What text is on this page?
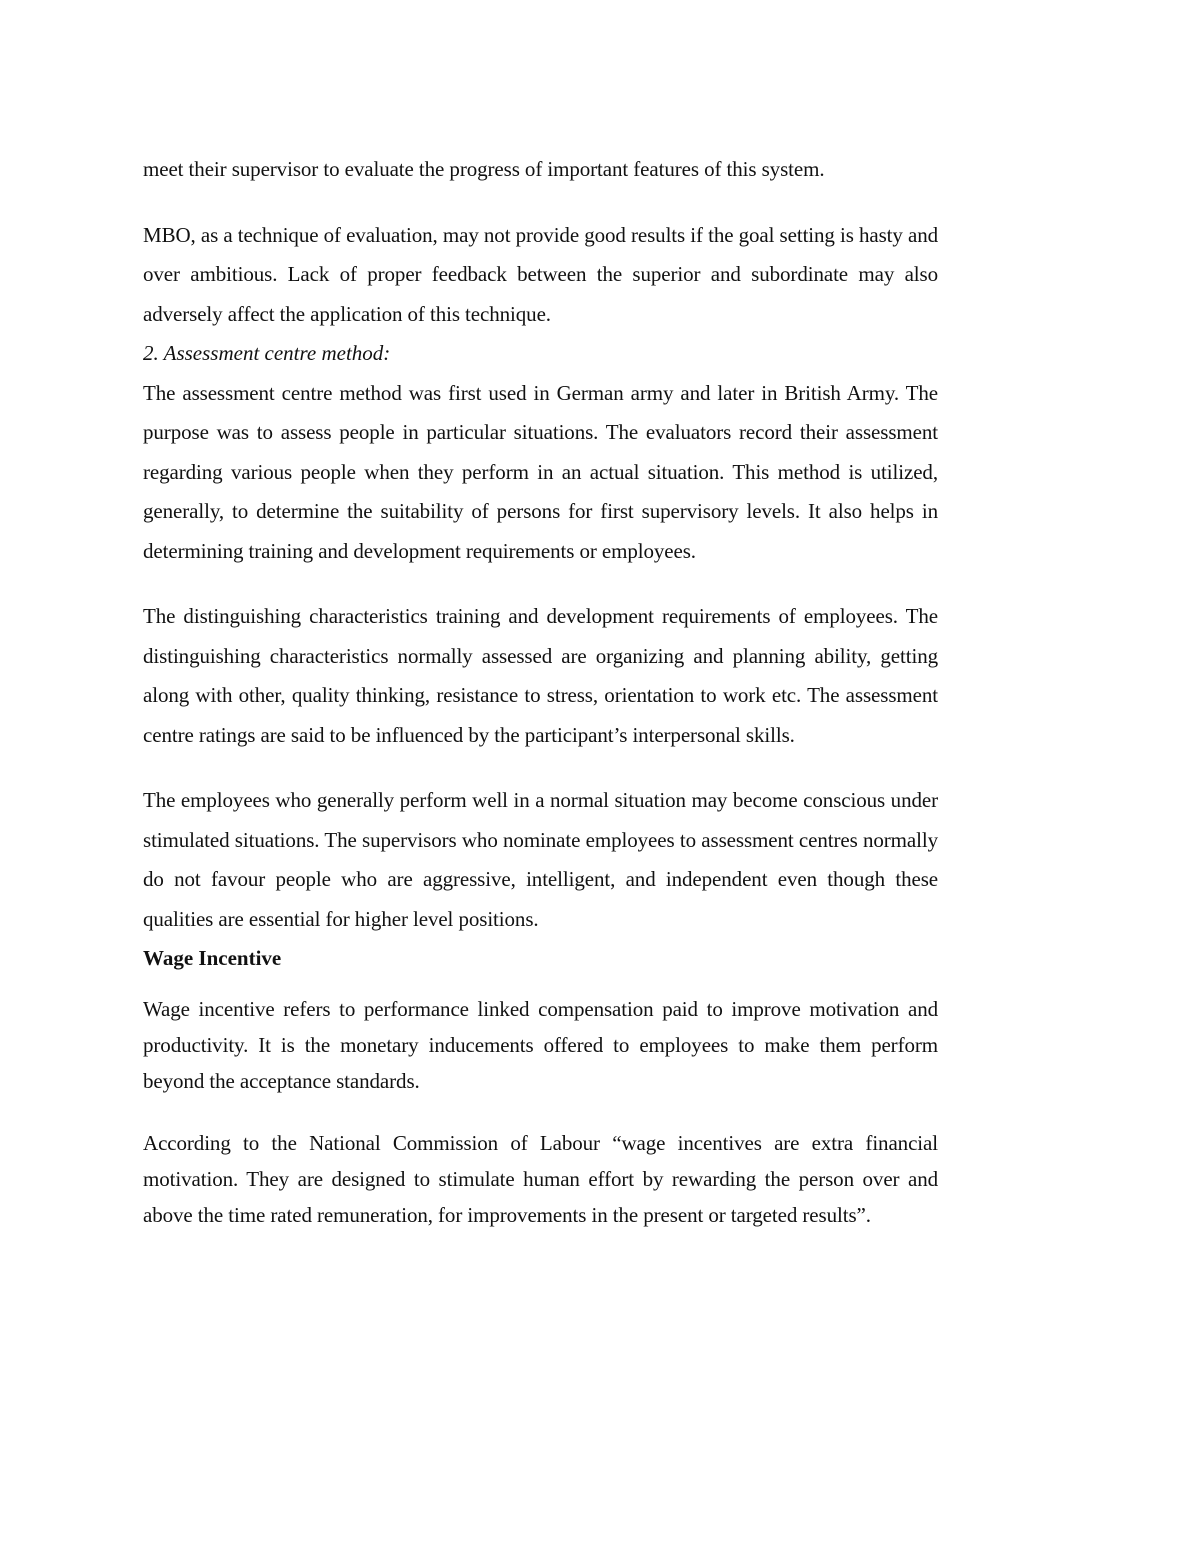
meet their supervisor to evaluate the progress of important features of this system.

MBO, as a technique of evaluation, may not provide good results if the goal setting is hasty and over ambitious. Lack of proper feedback between the superior and subordinate may also adversely affect the application of this technique.

2. Assessment centre method:

The assessment centre method was first used in German army and later in British Army. The purpose was to assess people in particular situations. The evaluators record their assessment regarding various people when they perform in an actual situation. This method is utilized, generally, to determine the suitability of persons for first supervisory levels. It also helps in determining training and development requirements or employees.

The distinguishing characteristics training and development requirements of employees. The distinguishing characteristics normally assessed are organizing and planning ability, getting along with other, quality thinking, resistance to stress, orientation to work etc. The assessment centre ratings are said to be influenced by the participant’s interpersonal skills.

The employees who generally perform well in a normal situation may become conscious under stimulated situations. The supervisors who nominate employees to assessment centres normally do not favour people who are aggressive, intelligent, and independent even though these qualities are essential for higher level positions.

Wage Incentive

Wage incentive refers to performance linked compensation paid to improve motivation and productivity. It is the monetary inducements offered to employees to make them perform beyond the acceptance standards.

According to the National Commission of Labour “wage incentives are extra financial motivation. They are designed to stimulate human effort by rewarding the person over and above the time rated remuneration, for improvements in the present or targeted results”.
